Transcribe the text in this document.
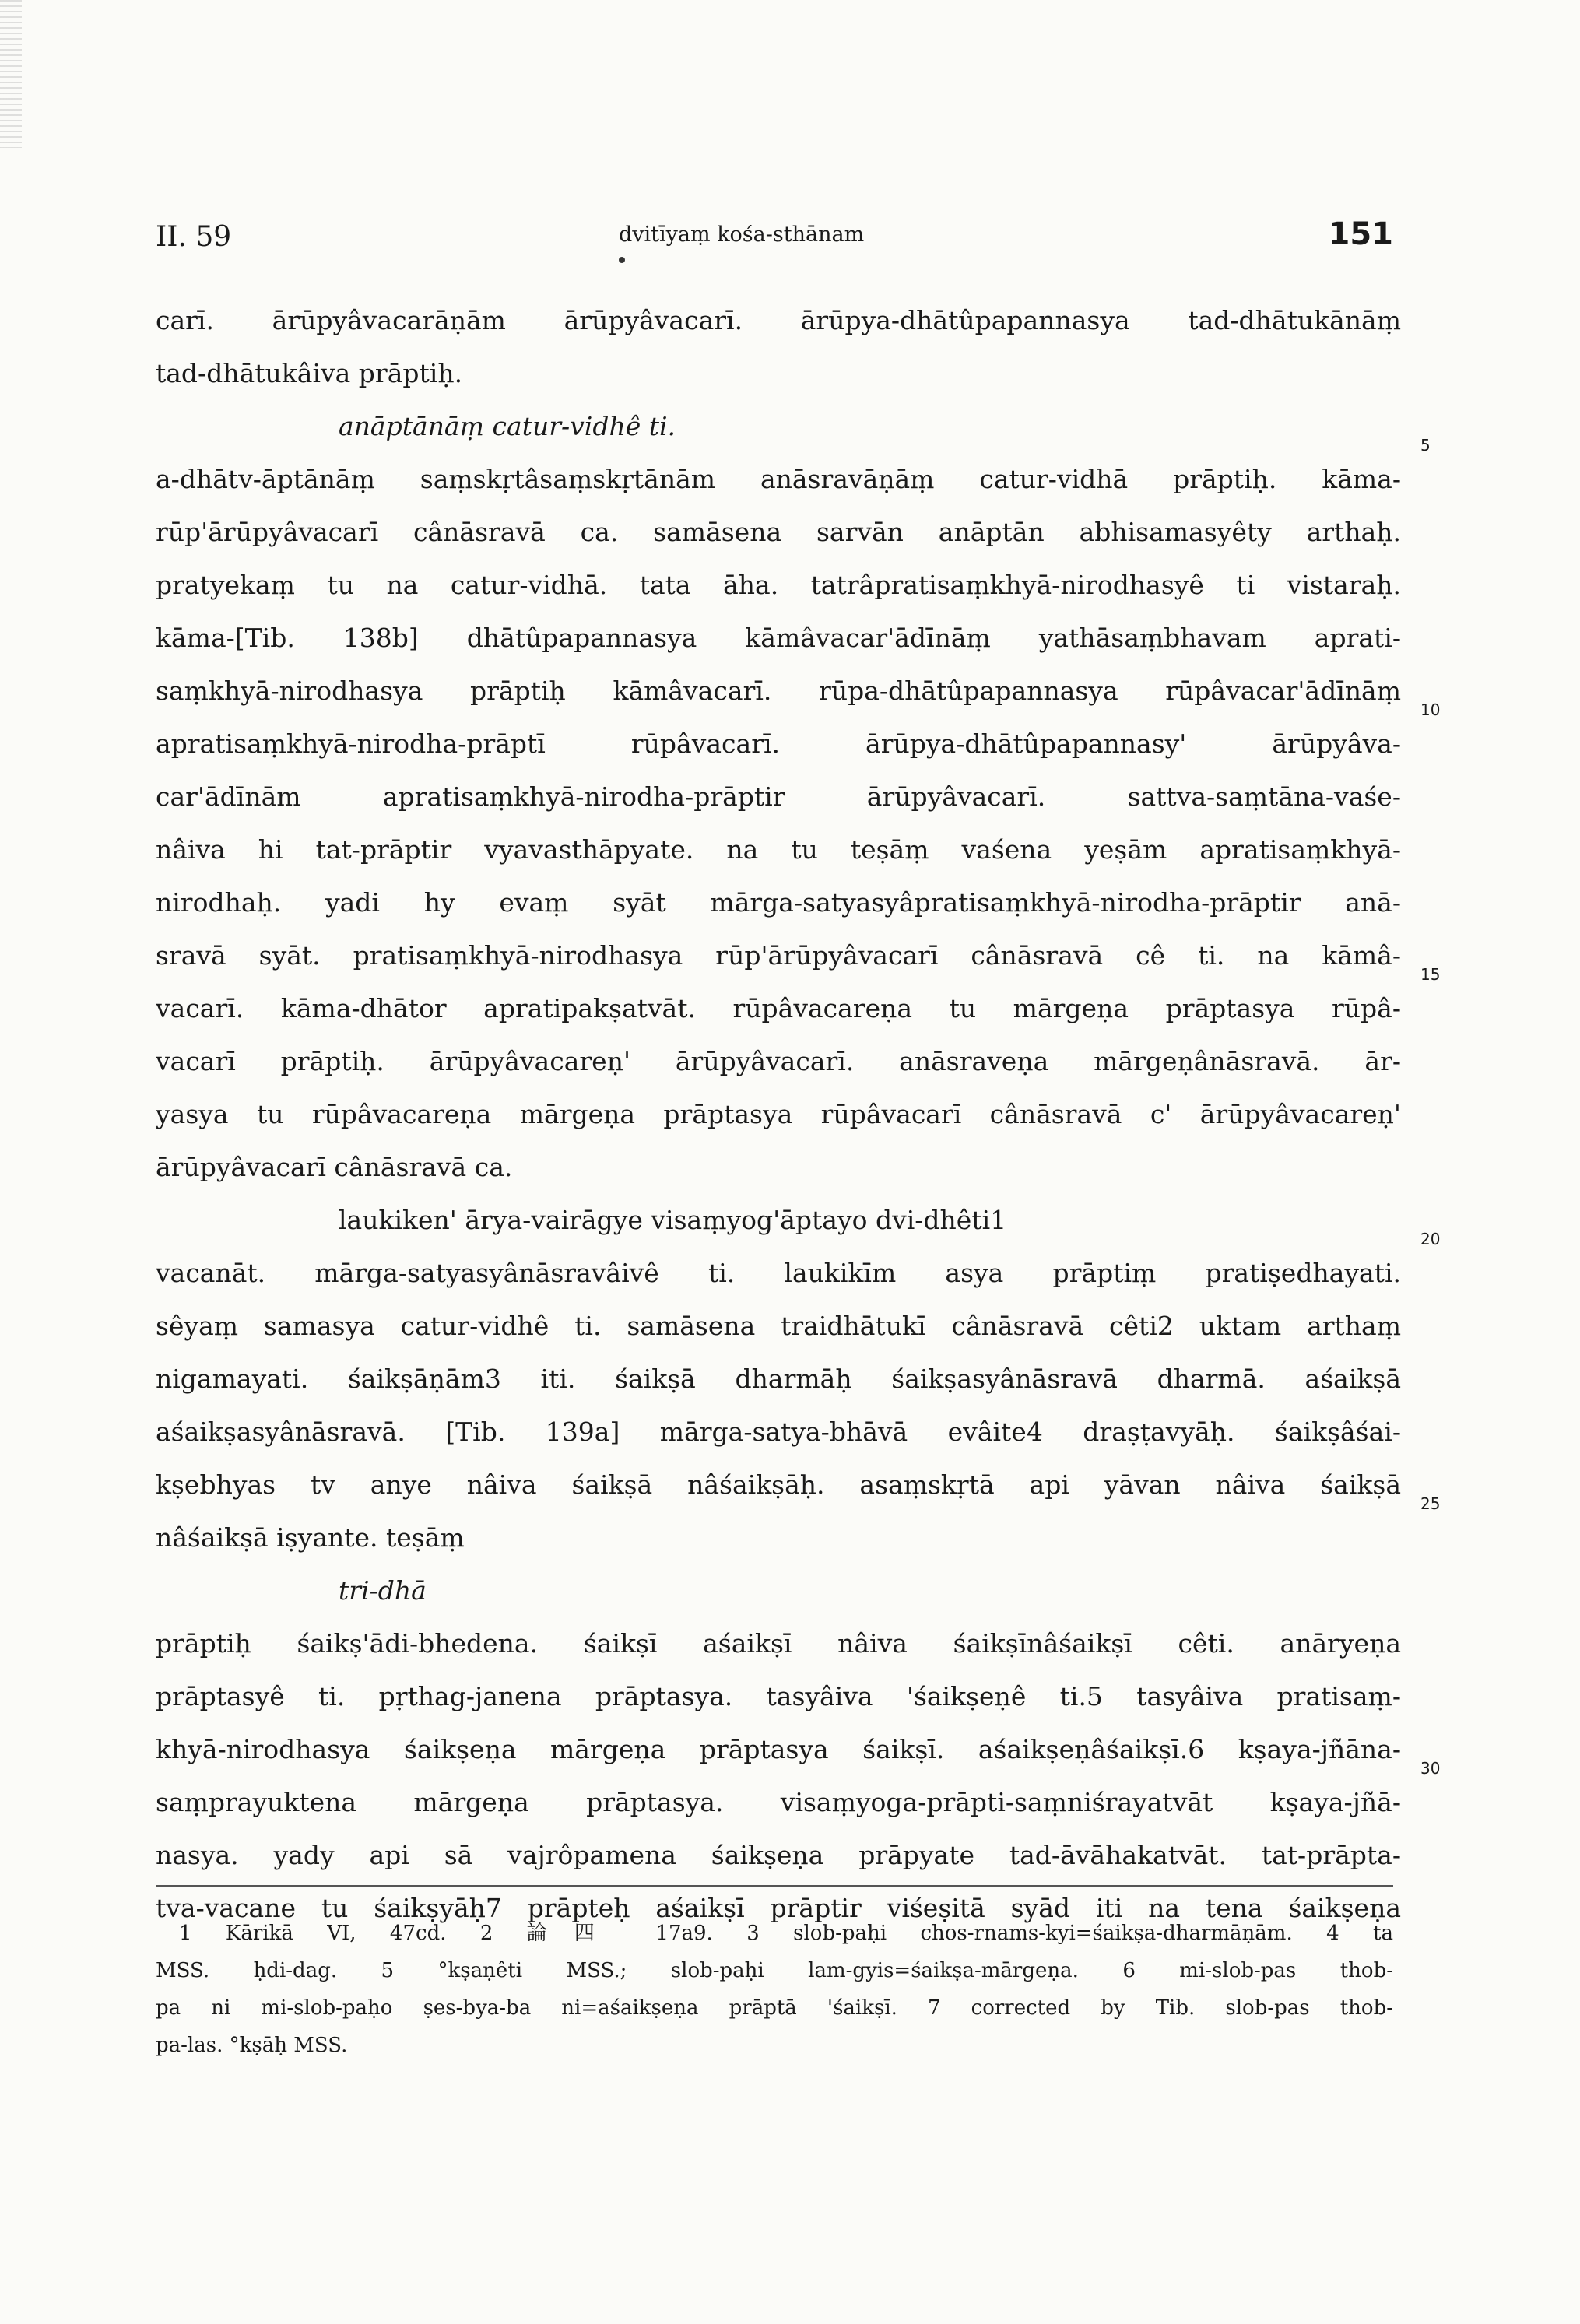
II. 59	dvitīyaṃ kośa-sthānam	151
carī. ārūpyâvacarāṇām ārūpyâvacarī. ārūpya-dhātûpapannasya tad-dhātukānāṃ
tad-dhātukâiva prāptiḥ.
anāptānāṃ catur-vidhê ti.
a-dhātv-āptānāṃ saṃskṛtâsaṃskṛtānām anāsravāṇāṃ catur-vidhā prāptiḥ. kāma-
rūp'ārūpyâvacarī cânāsravā ca. samāsena sarvān anāptān abhisamasyêty arthaḥ.
pratyekaṃ tu na catur-vidhā. tata āha. tatrâpratisaṃkhyā-nirodhasyê ti vistaraḥ.
kāma-[Tib. 138b] dhātûpapannasya kāmâvacar'ādīnāṃ yathāsaṃbhavam aprati-
saṃkhyā-nirodhasya prāptiḥ kāmâvacarī. rūpa-dhātûpapannasya rūpâvacar'ādīnāṃ
apratisaṃkhyā-nirodha-prāptī rūpâvacarī. ārūpya-dhātûpapannasy' ārūpyâva-
car'ādīnām apratisaṃkhyā-nirodha-prāptir ārūpyâvacarī. sattva-saṃtāna-vaśe-
nâiva hi tat-prāptir vyavasthāpyate. na tu teṣāṃ vaśena yeṣām apratisaṃkhyā-
nirodhaḥ. yadi hy evaṃ syāt mārga-satyasyâpratisaṃkhyā-nirodha-prāptir anā-
sravā syāt. pratisaṃkhyā-nirodhasya rūp'ārūpyâvacarī cânāsravā cê ti. na kāmâ-
vacarī. kāma-dhātor apratipakṣatvāt. rūpâvacareṇa tu mārgeṇa prāptasya rūpâ-
vacarī prāptiḥ. ārūpyâvacareṇ' ārūpyâvacarī. anāsraveṇa mārgeṇânāsravā. ār-
yasya tu rūpâvacareṇa mārgeṇa prāptasya rūpâvacarī cânāsravā c' ārūpyâvacareṇ'
ārūpyâvacarī cânāsravā ca.
laukiken' ārya-vairāgye visaṃyog'āptayo dvi-dhêti1
vacanāt. mārga-satyasyânāsravâivê ti. laukikīm asya prāptiṃ pratiṣedhayati.
sêyaṃ samasya catur-vidhê ti. samāsena traidhātukī cânāsravā cêti2 uktam arthaṃ
nigamayati. śaikṣāṇām3 iti. śaikṣā dharmāḥ śaikṣasyânāsravā dharmā. aśaikṣā
aśaikṣasyânāsravā. [Tib. 139a] mārga-satya-bhāvā evâite4 draṣṭavyāḥ. śaikṣâśai-
kṣebhyas tv anye nâiva śaikṣā nâśaikṣāḥ. asaṃskṛtā api yāvan nâiva śaikṣā
nâśaikṣā iṣyante. teṣāṃ
tri-dhā
prāptiḥ śaikṣ'ādi-bhedena. śaikṣī aśaikṣī nâiva śaikṣīnâśaikṣī cêti. anāryeṇa
prāptasyê ti. pṛthag-janena prāptasya. tasyâiva 'śaikṣeṇê ti.5 tasyâiva pratisaṃ-
khyā-nirodhasya śaikṣeṇa mārgeṇa prāptasya śaikṣī. aśaikṣeṇâśaikṣī.6 kṣaya-jñāna-
saṃprayuktena mārgeṇa prāptasya. visaṃyoga-prāpti-saṃniśrayatvāt kṣaya-jñā-
nasya. yady api sā vajrôpamena śaikṣeṇa prāpyate tad-āvāhakatvāt. tat-prāpta-
tva-vacane tu śaikṣyāḥ7 prāpteḥ aśaikṣī prāptir viśeṣitā syād iti na tena śaikṣeṇa
5
10
15
20
25
30
1 Kārikā VI, 47cd. 2 論四 17a9. 3 slob-paḥi chos-rnams-kyi=śaikṣa-dharmāṇām. 4 ta
MSS. ḥdi-dag. 5 °kṣaṇêti MSS.; slob-paḥi lam-gyis=śaikṣa-mārgeṇa. 6 mi-slob-pas thob-
pa ni mi-slob-paḥo ṣes-bya-ba ni=aśaikṣeṇa prāptā 'śaikṣī. 7 corrected by Tib. slob-pas thob-
pa-las. °kṣāḥ MSS.
